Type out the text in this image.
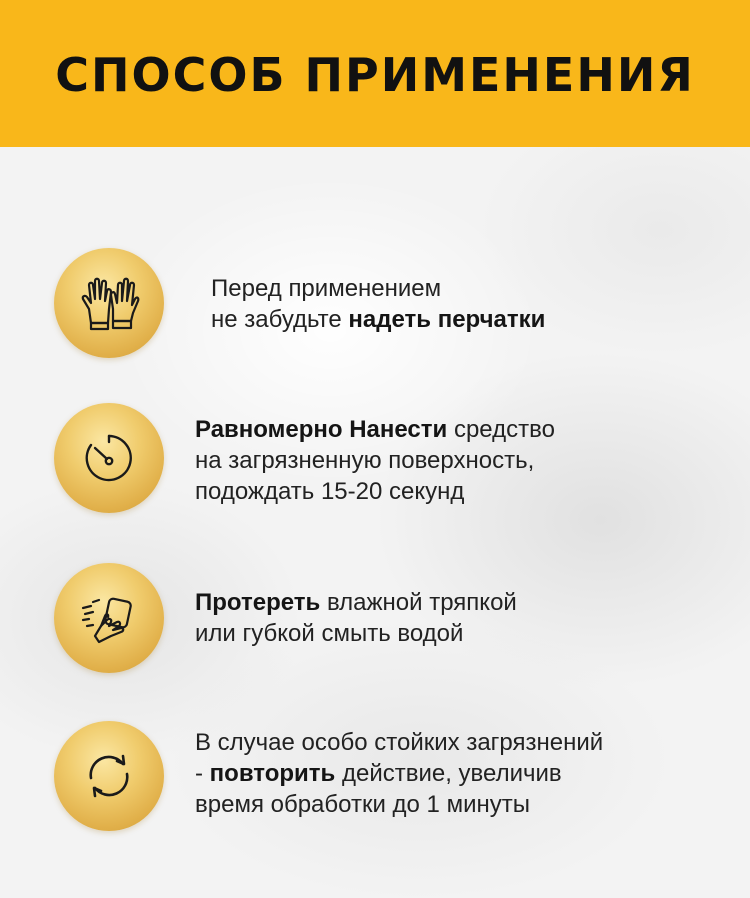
СПОСОБ ПРИМЕНЕНИЯ
Перед применением
не забудьте надеть перчатки
Равномерно Нанести средство
на загрязненную поверхность,
подождать 15-20 секунд
Протереть влажной тряпкой
или губкой смыть водой
В случае особо стойких загрязнений
- повторить действие, увеличив
время обработки до 1 минуты
